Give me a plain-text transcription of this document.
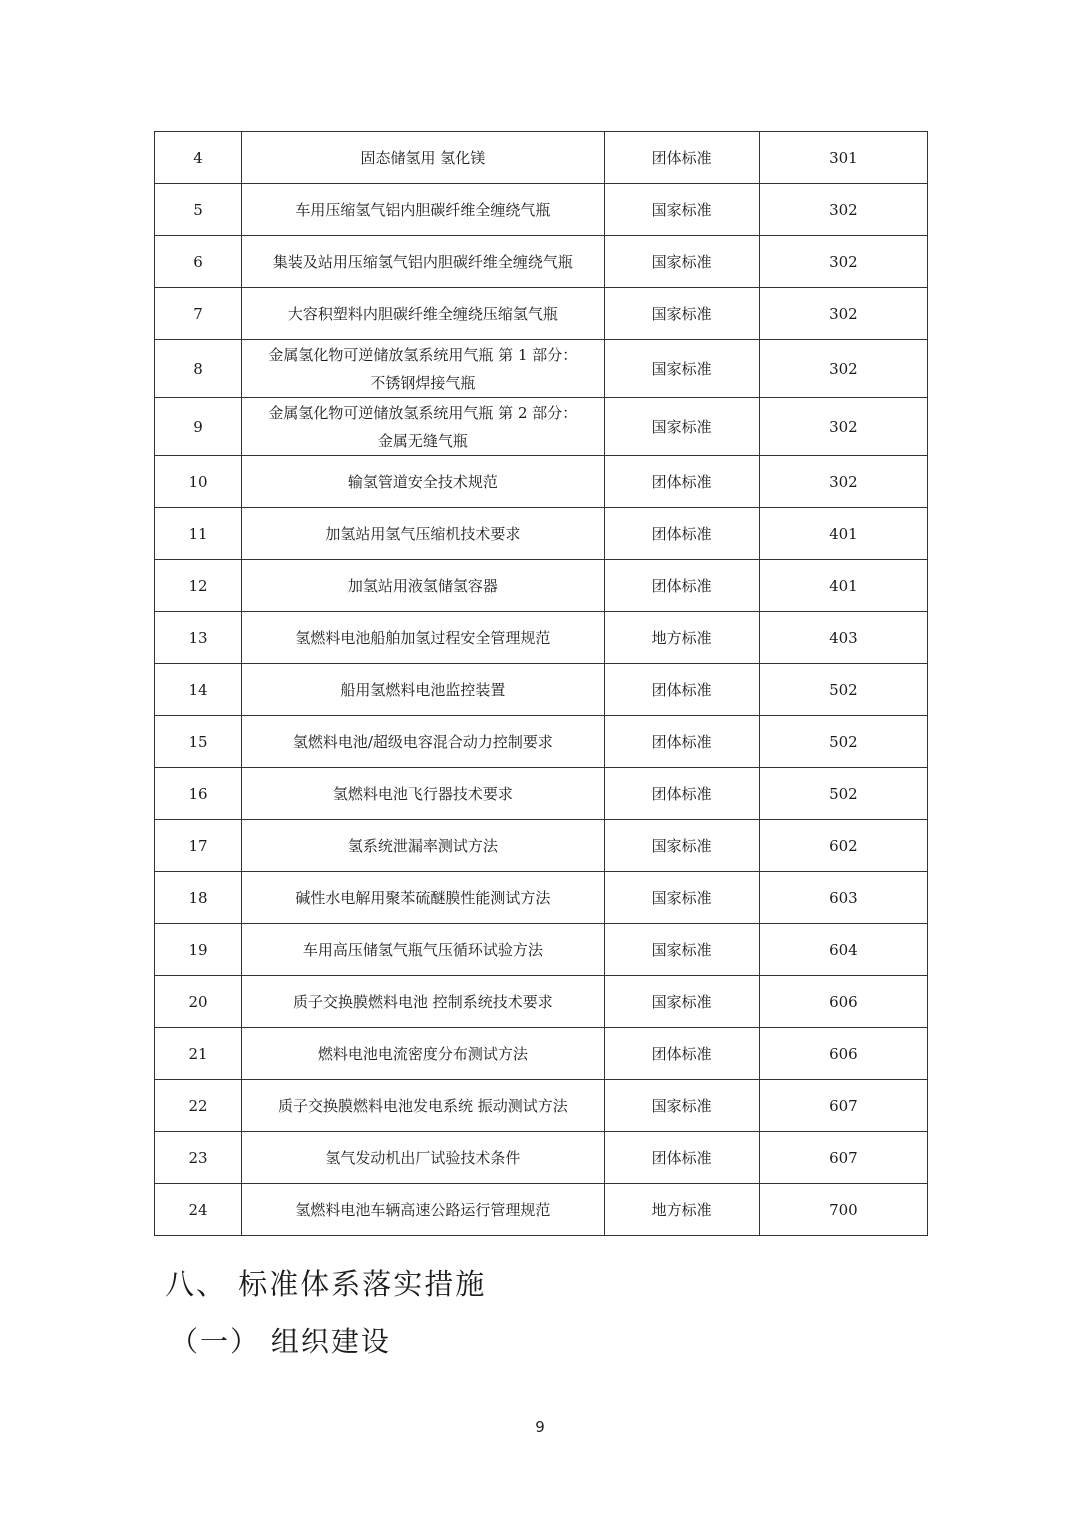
4	固态储氢用 氢化镁	团体标准	301
5	车用压缩氢气铝内胆碳纤维全缠绕气瓶	国家标准	302
6	集装及站用压缩氢气铝内胆碳纤维全缠绕气瓶	国家标准	302
7	大容积塑料内胆碳纤维全缠绕压缩氢气瓶	国家标准	302
8	金属氢化物可逆储放氢系统用气瓶 第 1 部分：
不锈钢焊接气瓶	国家标准	302
9	金属氢化物可逆储放氢系统用气瓶 第 2 部分：
金属无缝气瓶	国家标准	302
10	输氢管道安全技术规范	团体标准	302
11	加氢站用氢气压缩机技术要求	团体标准	401
12	加氢站用液氢储氢容器	团体标准	401
13	氢燃料电池船舶加氢过程安全管理规范	地方标准	403
14	船用氢燃料电池监控装置	团体标准	502
15	氢燃料电池/超级电容混合动力控制要求	团体标准	502
16	氢燃料电池飞行器技术要求	团体标准	502
17	氢系统泄漏率测试方法	国家标准	602
18	碱性水电解用聚苯硫醚膜性能测试方法	国家标准	603
19	车用高压储氢气瓶气压循环试验方法	国家标准	604
20	质子交换膜燃料电池 控制系统技术要求	国家标准	606
21	燃料电池电流密度分布测试方法	团体标准	606
22	质子交换膜燃料电池发电系统 振动测试方法	国家标准	607
23	氢气发动机出厂试验技术条件	团体标准	607
24	氢燃料电池车辆高速公路运行管理规范	地方标准	700
八、 标准体系落实措施
（一） 组织建设
9
